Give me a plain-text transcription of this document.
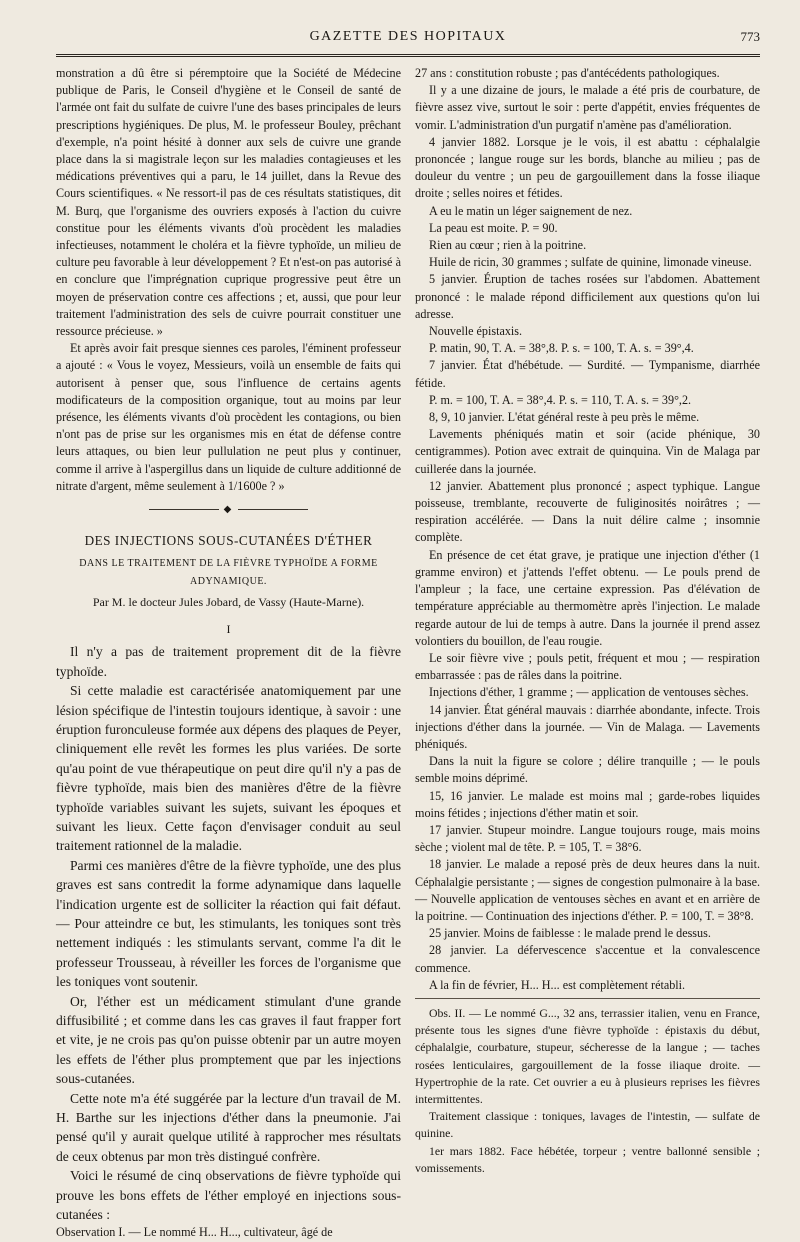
GAZETTE DES HOPITAUX	773

monstration a dû être si péremptoire que la Société de Médecine publique de Paris, le Conseil d'hygiène et le Conseil de santé de l'armée ont fait du sulfate de cuivre l'une des bases principales de leurs prescriptions hygiéniques. De plus, M. le professeur Bouley, prêchant d'exemple, n'a point hésité à donner aux sels de cuivre une grande place dans la si magistrale leçon sur les maladies contagieuses et les médications préventives qui a paru, le 14 juillet, dans la Revue des Cours scientifiques. « Ne ressort-il pas de ces résultats statistiques, dit M. Burq, que l'organisme des ouvriers exposés à l'action du cuivre constitue pour les éléments vivants d'où procèdent les maladies infectieuses, notamment le choléra et la fièvre typhoïde, un milieu de culture peu favorable à leur développement ? Et n'est-on pas autorisé à en conclure que l'imprégnation cuprique progressive peut être un moyen de préservation contre ces affections ; et, aussi, que pour leur traitement l'administration des sels de cuivre pourrait constituer une ressource précieuse. »

Et après avoir fait presque siennes ces paroles, l'éminent professeur a ajouté : « Vous le voyez, Messieurs, voilà un ensemble de faits qui autorisent à penser que, sous l'influence de certains agents modificateurs de la composition organique, tout au moins par leur présence, les éléments vivants d'où procèdent les contagions, ou bien n'ont pas de prise sur les organismes mis en état de défense contre leurs attaques, ou bien leur pullulation ne peut plus y continuer, comme il arrive à l'aspergillus dans un liquide de culture additionné de nitrate d'argent, même seulement à 1/1600e ? »

◆
DES INJECTIONS SOUS-CUTANÉES D'ÉTHER
DANS LE TRAITEMENT DE LA FIÈVRE TYPHOÏDE A FORME ADYNAMIQUE.
Par M. le docteur Jules Jobard, de Vassy (Haute-Marne).
I

Il n'y a pas de traitement proprement dit de la fièvre typhoïde.

Si cette maladie est caractérisée anatomiquement par une lésion spécifique de l'intestin toujours identique, à savoir : une éruption furonculeuse formée aux dépens des plaques de Peyer, cliniquement elle revêt les formes les plus variées. De sorte qu'au point de vue thérapeutique on peut dire qu'il n'y a pas de fièvre typhoïde, mais bien des manières d'être de la fièvre typhoïde variables suivant les sujets, suivant les époques et suivant les lieux. Cette façon d'envisager conduit au seul traitement rationnel de la maladie.

Parmi ces manières d'être de la fièvre typhoïde, une des plus graves est sans contredit la forme adynamique dans laquelle l'indication urgente est de solliciter la réaction qui fait défaut. — Pour atteindre ce but, les stimulants, les toniques sont très nettement indiqués : les stimulants servant, comme l'a dit le professeur Trousseau, à réveiller les forces de l'organisme que les toniques vont soutenir.

Or, l'éther est un médicament stimulant d'une grande diffusibilité ; et comme dans les cas graves il faut frapper fort et vite, je ne crois pas qu'on puisse obtenir par un autre moyen les effets de l'éther plus promptement que par les injections sous-cutanées.

Cette note m'a été suggérée par la lecture d'un travail de M. H. Barthe sur les injections d'éther dans la pneumonie. J'ai pensé qu'il y aurait quelque utilité à rapprocher mes résultats de ceux obtenus par mon très distingué confrère.

Voici le résumé de cinq observations de fièvre typhoïde qui prouve les bons effets de l'éther employé en injections sous-cutanées :

Observation I. — Le nommé H... H..., cultivateur, âgé de

27 ans : constitution robuste ; pas d'antécédents pathologiques.

Il y a une dizaine de jours, le malade a été pris de courbature, de fièvre assez vive, surtout le soir : perte d'appétit, envies fréquentes de vomir. L'administration d'un purgatif n'amène pas d'amélioration.

4 janvier 1882. Lorsque je le vois, il est abattu : céphalalgie prononcée ; langue rouge sur les bords, blanche au milieu ; pas de douleur du ventre ; un peu de gargouillement dans la fosse iliaque droite ; selles noires et fétides.

A eu le matin un léger saignement de nez.

La peau est moite. P. = 90.

Rien au cœur ; rien à la poitrine.

Huile de ricin, 30 grammes ; sulfate de quinine, limonade vineuse.

5 janvier. Éruption de taches rosées sur l'abdomen. Abattement prononcé : le malade répond difficilement aux questions qu'on lui adresse.

Nouvelle épistaxis.

P. matin, 90, T. A. = 38°,8. P. s. = 100, T. A. s. = 39°,4.

7 janvier. État d'hébétude. — Surdité. — Tympanisme, diarrhée fétide.

P. m. = 100, T. A. = 38°,4. P. s. = 110, T. A. s. = 39°,2.

8, 9, 10 janvier. L'état général reste à peu près le même.

Lavements phéniqués matin et soir (acide phénique, 30 centigrammes). Potion avec extrait de quinquina. Vin de Malaga par cuillerée dans la journée.

12 janvier. Abattement plus prononcé ; aspect typhique. Langue poisseuse, tremblante, recouverte de fuliginosités noirâtres ; — respiration accélérée. — Dans la nuit délire calme ; insomnie complète.

En présence de cet état grave, je pratique une injection d'éther (1 gramme environ) et j'attends l'effet obtenu. — Le pouls prend de l'ampleur ; la face, une certaine expression. Pas d'élévation de température appréciable au thermomètre après l'injection. Le malade regarde autour de lui de temps à autre. Dans la journée il prend assez volontiers du bouillon, de l'eau rougie.

Le soir fièvre vive ; pouls petit, fréquent et mou ; — respiration embarrassée : pas de râles dans la poitrine.

Injections d'éther, 1 gramme ; — application de ventouses sèches.

14 janvier. État général mauvais : diarrhée abondante, infecte. Trois injections d'éther dans la journée. — Vin de Malaga. — Lavements phéniqués.

Dans la nuit la figure se colore ; délire tranquille ; — le pouls semble moins déprimé.

15, 16 janvier. Le malade est moins mal ; garde-robes liquides moins fétides ; injections d'éther matin et soir.

17 janvier. Stupeur moindre. Langue toujours rouge, mais moins sèche ; violent mal de tête. P. = 105, T. = 38°6.

18 janvier. Le malade a reposé près de deux heures dans la nuit. Céphalalgie persistante ; — signes de congestion pulmonaire à la base. — Nouvelle application de ventouses sèches en avant et en arrière de la poitrine. — Continuation des injections d'éther. P. = 100, T. = 38°8.

25 janvier. Moins de faiblesse : le malade prend le dessus.

28 janvier. La défervescence s'accentue et la convalescence commence.

A la fin de février, H... H... est complètement rétabli.

Obs. II. — Le nommé G..., 32 ans, terrassier italien, venu en France, présente tous les signes d'une fièvre typhoïde : épistaxis du début, céphalalgie, courbature, stupeur, sécheresse de la langue ; — taches rosées lenticulaires, gargouillement de la fosse iliaque droite. — Hypertrophie de la rate. Cet ouvrier a eu à plusieurs reprises les fièvres intermittentes.

Traitement classique : toniques, lavages de l'intestin, — sulfate de quinine.

1er mars 1882. Face hébétée, torpeur ; ventre ballonné sensible ; vomissements.
